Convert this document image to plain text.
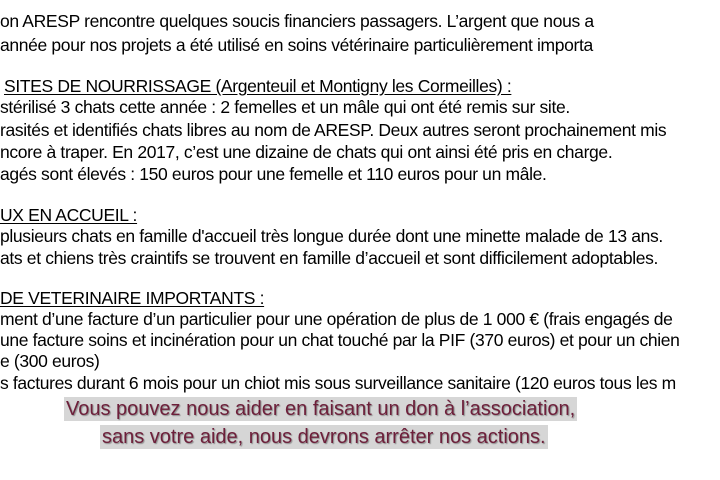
on ARESP rencontre quelques soucis financiers passagers. L’argent que nous a
année pour nos projets a été utilisé en soins vétérinaire particulièrement importa
SITES DE NOURRISSAGE (Argenteuil et Montigny les Cormeilles) :
stérilisé 3 chats cette année : 2 femelles et un mâle qui ont été remis sur site.
rasités et identifiés chats libres au nom de ARESP. Deux autres seront prochainement mis
ncore à traper. En 2017, c’est une dizaine de chats qui ont ainsi été pris en charge.
agés sont élevés : 150 euros pour une femelle et 110 euros pour un mâle.
UX EN ACCUEIL :
plusieurs chats en famille d'accueil très longue durée dont une minette malade de 13 ans.
ats et chiens très craintifs se trouvent en famille d’accueil et sont difficilement adoptables.
DE VETERINAIRE IMPORTANTS :
ment d’une facture d’un particulier pour une opération de plus de 1 000 € (frais engagés de
une facture soins et incinération pour un chat touché par la PIF (370 euros) et pour un chien
e (300 euros)
s factures durant 6 mois pour un chiot mis sous surveillance sanitaire (120 euros tous les m
Vous pouvez nous aider en faisant un don à l’association,
sans votre aide, nous devrons arrêter nos actions.
